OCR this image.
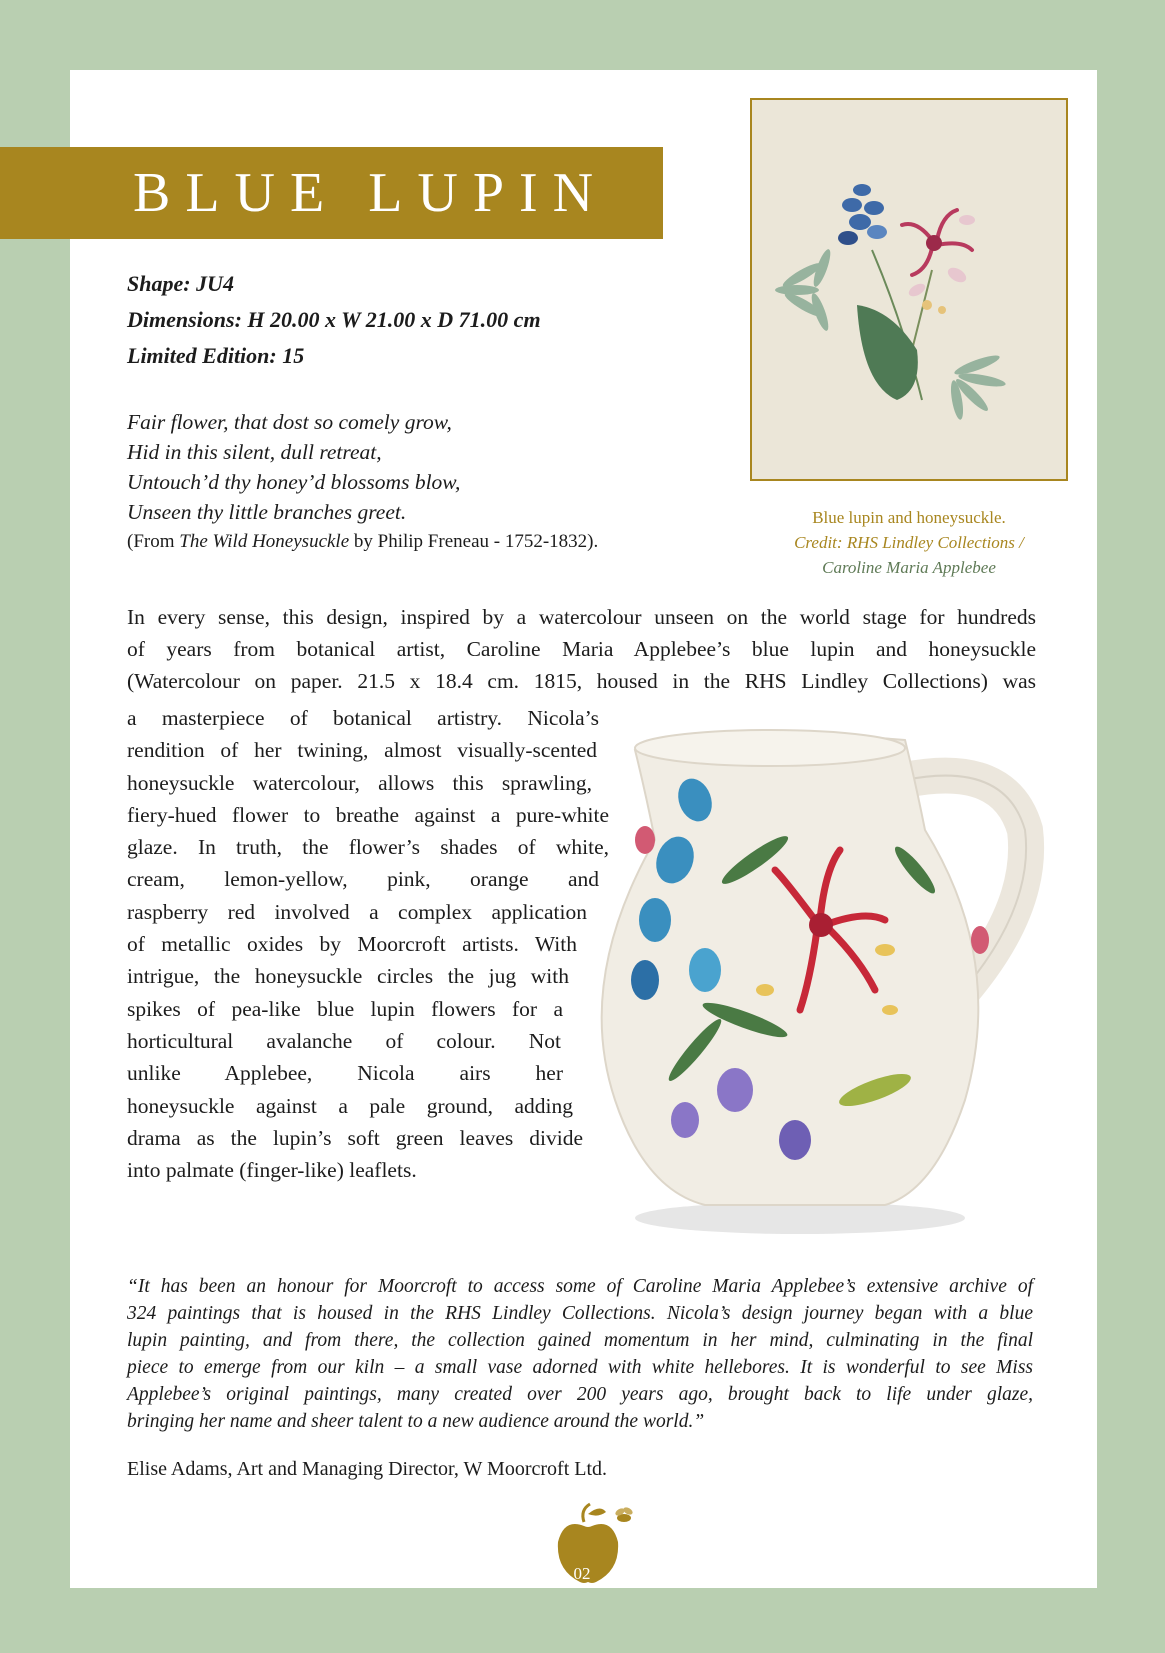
BLUE LUPIN
Shape: JU4
Dimensions: H 20.00 x W 21.00 x D 71.00 cm
Limited Edition: 15
Fair flower, that dost so comely grow,
Hid in this silent, dull retreat,
Untouch’d thy honey’d blossoms blow,
Unseen thy little branches greet.
(From The Wild Honeysuckle by Philip Freneau - 1752-1832).
Blue lupin and honeysuckle.
Credit: RHS Lindley Collections /
Caroline Maria Applebee
In every sense, this design, inspired by a watercolour unseen on the world stage for hundreds
of years from botanical artist, Caroline Maria Applebee’s blue lupin and honeysuckle
(Watercolour on paper. 21.5 x 18.4 cm. 1815, housed in the RHS Lindley Collections) was
a masterpiece of botanical artistry. Nicola’s
rendition of her twining, almost visually-scented
honeysuckle watercolour, allows this sprawling,
fiery-hued flower to breathe against a pure-white
glaze. In truth, the flower’s shades of white,
cream, lemon-yellow, pink, orange and
raspberry red involved a complex application
of metallic oxides by Moorcroft artists. With
intrigue, the honeysuckle circles the jug with
spikes of pea-like blue lupin flowers for a
horticultural avalanche of colour. Not
unlike Applebee, Nicola airs her
honeysuckle against a pale ground, adding
drama as the lupin’s soft green leaves divide
into palmate (finger-like) leaflets.
“It has been an honour for Moorcroft to access some of Caroline Maria Applebee’s extensive archive of
324 paintings that is housed in the RHS Lindley Collections. Nicola’s design journey began with a blue
lupin painting, and from there, the collection gained momentum in her mind, culminating in the final
piece to emerge from our kiln – a small vase adorned with white hellebores. It is wonderful to see Miss
Applebee’s original paintings, many created over 200 years ago, brought back to life under glaze,
bringing her name and sheer talent to a new audience around the world.”
Elise Adams, Art and Managing Director, W Moorcroft Ltd.
02
